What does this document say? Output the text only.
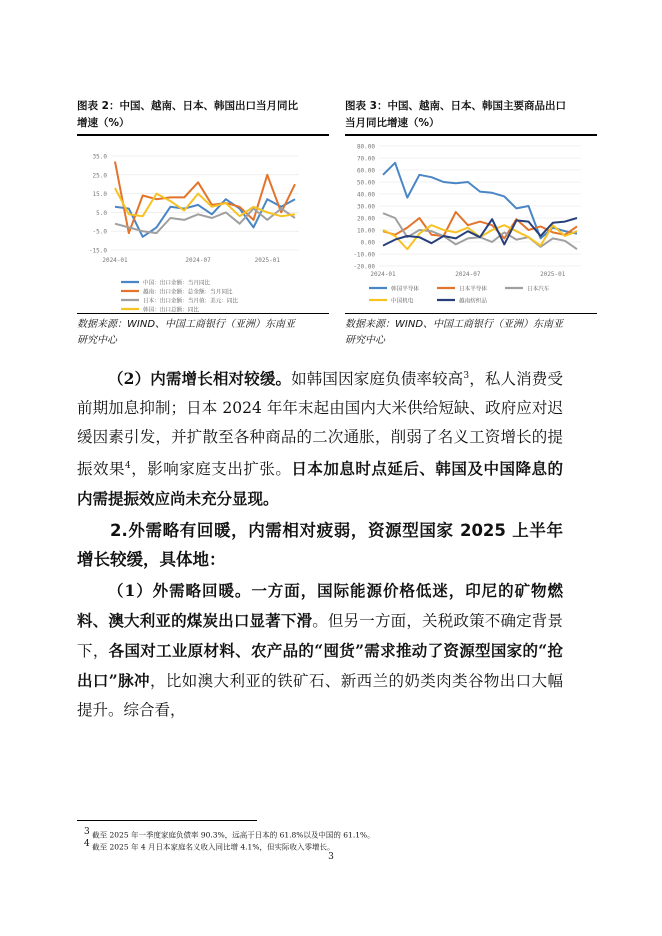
图表 2：中国、越南、日本、韩国出口当月同比
增速（%）
35.0
25.0
15.0
5.0
-5.0
-15.0
2024-01	2024-07	2025-01
中国：出口金额：当月同比
越南：出口金额：总金额：当月同比
日本：出口金额：当月值：美元：同比
韩国：出口总额：同比
数据来源：WIND、中国工商银行（亚洲）东南亚
研究中心
图表 3：中国、越南、日本、韩国主要商品出口
当月同比增速（%）
80.00
70.00
60.00
50.00
40.00
30.00
20.00
10.00
0.00
-10.00
-20.00
2024-01	2024-07	2025-01
韩国半导体	日本半导体	日本汽车
中国机电	越南纺织品
数据来源：WIND、中国工商银行（亚洲）东南亚
研究中心

（2）内需增长相对较缓。如韩国因家庭负债率较高$^3$，私人消费受前期加息抑制；日本 2024 年年末起由国内大米供给短缺、政府应对迟缓因素引发，并扩散至各种商品的二次通胀，削弱了名义工资增长的提振效果$^4$，影响家庭支出扩张。日本加息时点延后、韩国及中国降息的内需提振效应尚未充分显现。

2.外需略有回暖，内需相对疲弱，资源型国家 2025 上半年增长较缓，具体地：

（1）外需略回暖。一方面，国际能源价格低迷，印尼的矿物燃料、澳大利亚的煤炭出口显著下滑。但另一方面，关税政策不确定背景下，各国对工业原材料、农产品的“囤货”需求推动了资源型国家的“抢出口”脉冲，比如澳大利亚的铁矿石、新西兰的奶类肉类谷物出口大幅提升。综合看，

$^3$ 截至 2025 年一季度家庭负债率 90.3%，远高于日本的 61.8%以及中国的 61.1%。
$^4$ 截至 2025 年 4 月日本家庭名义收入同比增 4.1%，但实际收入零增长。
3
